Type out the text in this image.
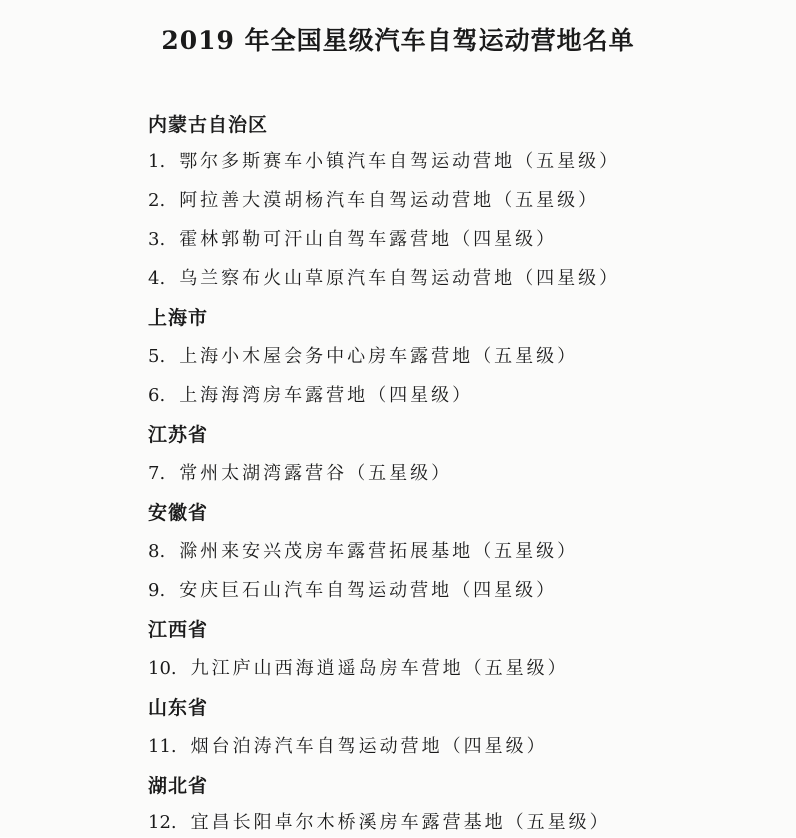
2019 年全国星级汽车自驾运动营地名单
内蒙古自治区
1. 鄂尔多斯赛车小镇汽车自驾运动营地（五星级）
2. 阿拉善大漠胡杨汽车自驾运动营地（五星级）
3. 霍林郭勒可汗山自驾车露营地（四星级）
4. 乌兰察布火山草原汽车自驾运动营地（四星级）
上海市
5. 上海小木屋会务中心房车露营地（五星级）
6. 上海海湾房车露营地（四星级）
江苏省
7. 常州太湖湾露营谷（五星级）
安徽省
8. 滁州来安兴茂房车露营拓展基地（五星级）
9. 安庆巨石山汽车自驾运动营地（四星级）
江西省
10. 九江庐山西海逍遥岛房车营地（五星级）
山东省
11. 烟台泊涛汽车自驾运动营地（四星级）
湖北省
12. 宜昌长阳卓尔木桥溪房车露营基地（五星级）
